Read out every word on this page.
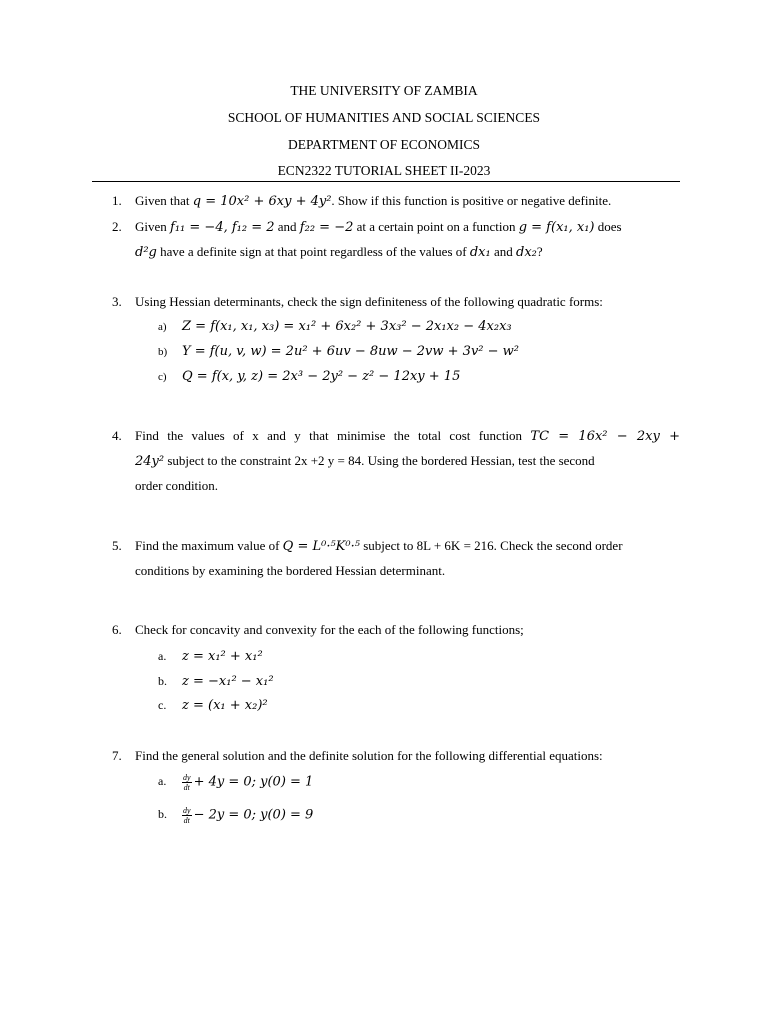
THE UNIVERSITY OF ZAMBIA
SCHOOL OF HUMANITIES AND SOCIAL SCIENCES
DEPARTMENT OF ECONOMICS
ECN2322 TUTORIAL SHEET II-2023
1. Given that q = 10x² + 6xy + 4y². Show if this function is positive or negative definite.
2. Given f₁₁ = −4, f₁₂ = 2 and f₂₂ = −2 at a certain point on a function g = f(x₁, x₁) does
d²g have a definite sign at that point regardless of the values of dx₁ and dx₂?
3. Using Hessian determinants, check the sign definiteness of the following quadratic forms:
a) Z = f(x₁, x₁, x₃) = x₁² + 6x₂² + 3x₃² − 2x₁x₂ − 4x₂x₃
b) Y = f(u, v, w) = 2u² + 6uv − 8uw − 2vw + 3v² − w²
c) Q = f(x, y, z) = 2x³ − 2y² − z² − 12xy + 15
4. Find the values of x and y that minimise the total cost function TC = 16x² − 2xy +
24y² subject to the constraint 2x +2 y = 84. Using the bordered Hessian, test the second
order condition.
5. Find the maximum value of Q = L⁰·⁵K⁰·⁵ subject to 8L + 6K = 216. Check the second order
conditions by examining the bordered Hessian determinant.
6. Check for concavity and convexity for the each of the following functions;
a. z = x₁² + x₁²
b. z = −x₁² − x₁²
c. z = (x₁ + x₂)²
7. Find the general solution and the definite solution for the following differential equations:
a. $\frac{dy}{dt} + 4y = 0$; y(0) = 1
b. $\frac{dy}{dt} - 2y = 0$; y(0) = 9
